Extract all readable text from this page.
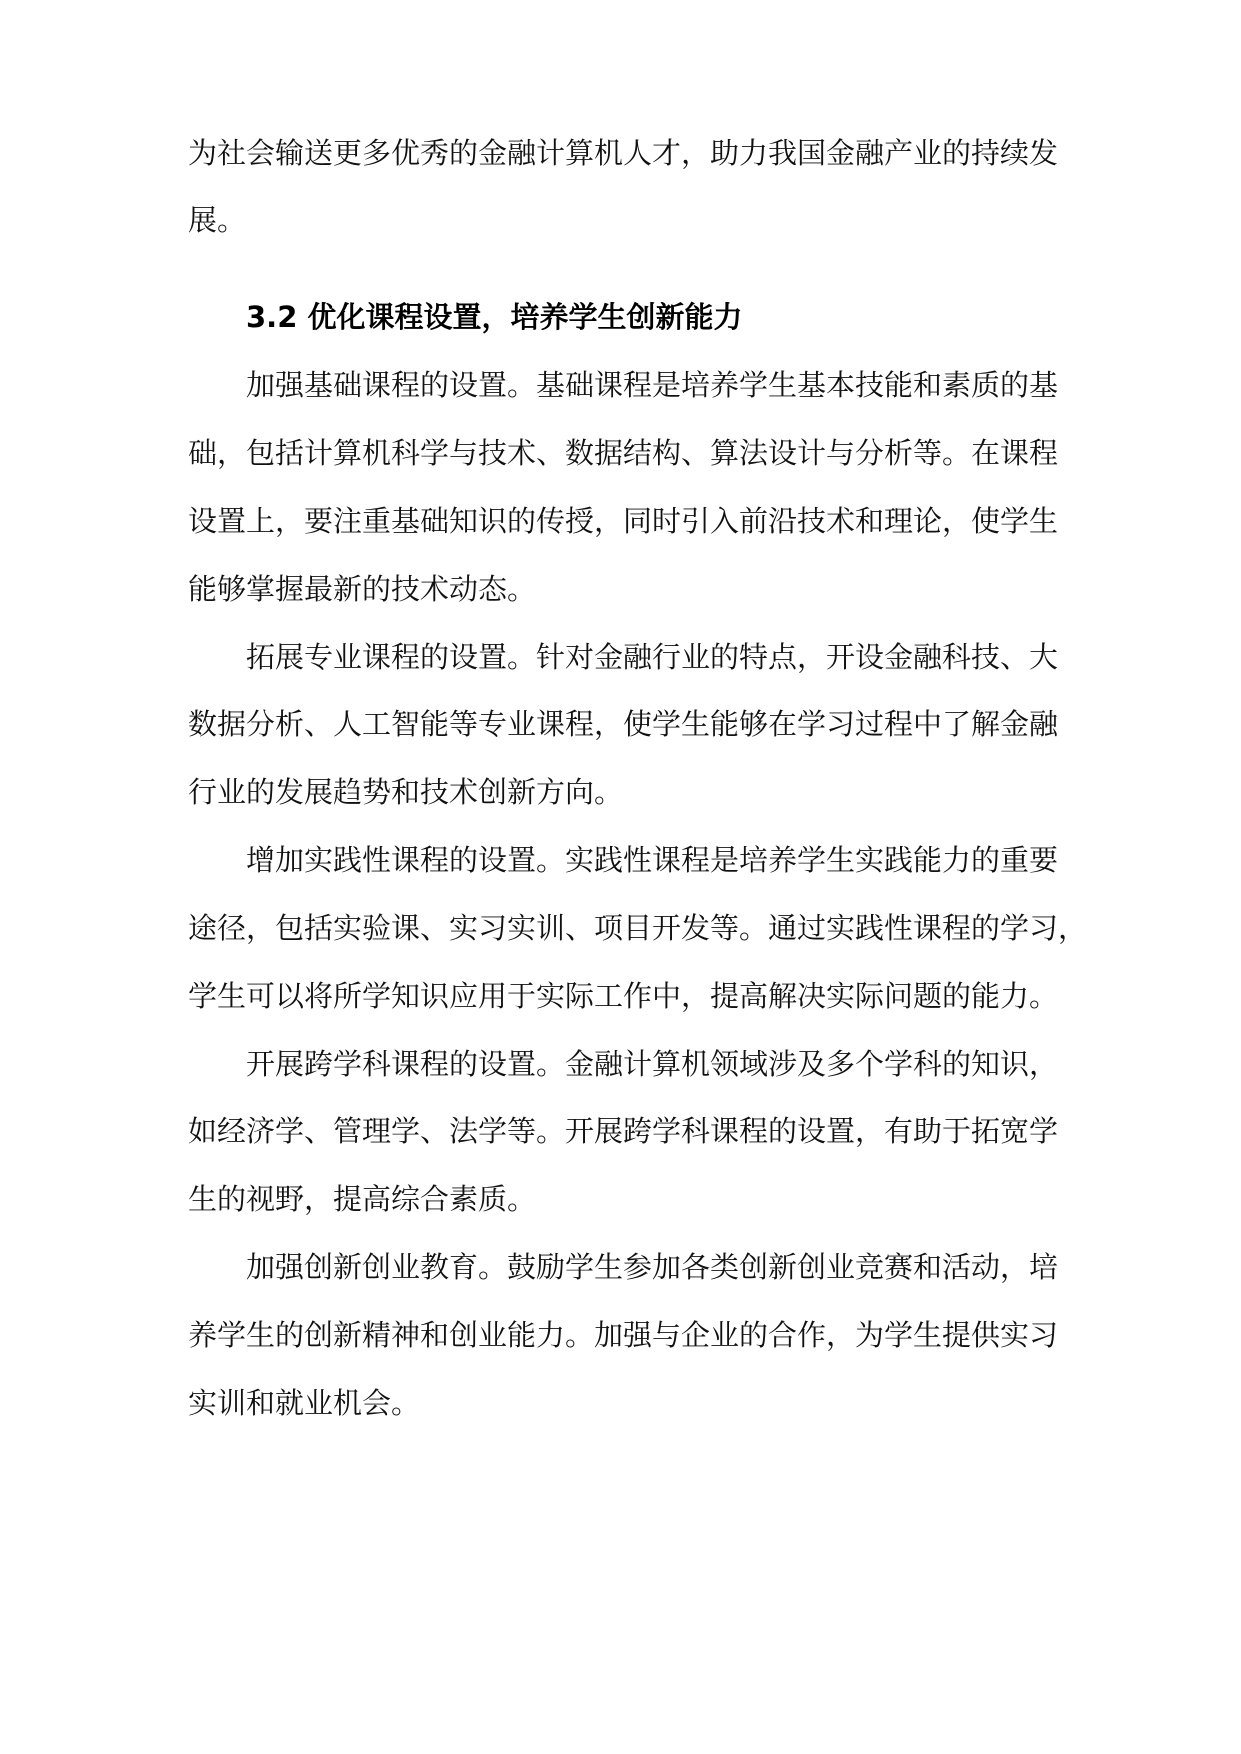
为社会输送更多优秀的金融计算机人才，助力我国金融产业的持续发

展。

3.2 优化课程设置，培养学生创新能力

加强基础课程的设置。基础课程是培养学生基本技能和素质的基

础，包括计算机科学与技术、数据结构、算法设计与分析等。在课程

设置上，要注重基础知识的传授，同时引入前沿技术和理论，使学生

能够掌握最新的技术动态。

拓展专业课程的设置。针对金融行业的特点，开设金融科技、大

数据分析、人工智能等专业课程，使学生能够在学习过程中了解金融

行业的发展趋势和技术创新方向。

增加实践性课程的设置。实践性课程是培养学生实践能力的重要

途径，包括实验课、实习实训、项目开发等。通过实践性课程的学习，

学生可以将所学知识应用于实际工作中，提高解决实际问题的能力。

开展跨学科课程的设置。金融计算机领域涉及多个学科的知识，

如经济学、管理学、法学等。开展跨学科课程的设置，有助于拓宽学

生的视野，提高综合素质。

加强创新创业教育。鼓励学生参加各类创新创业竞赛和活动，培

养学生的创新精神和创业能力。加强与企业的合作，为学生提供实习

实训和就业机会。
